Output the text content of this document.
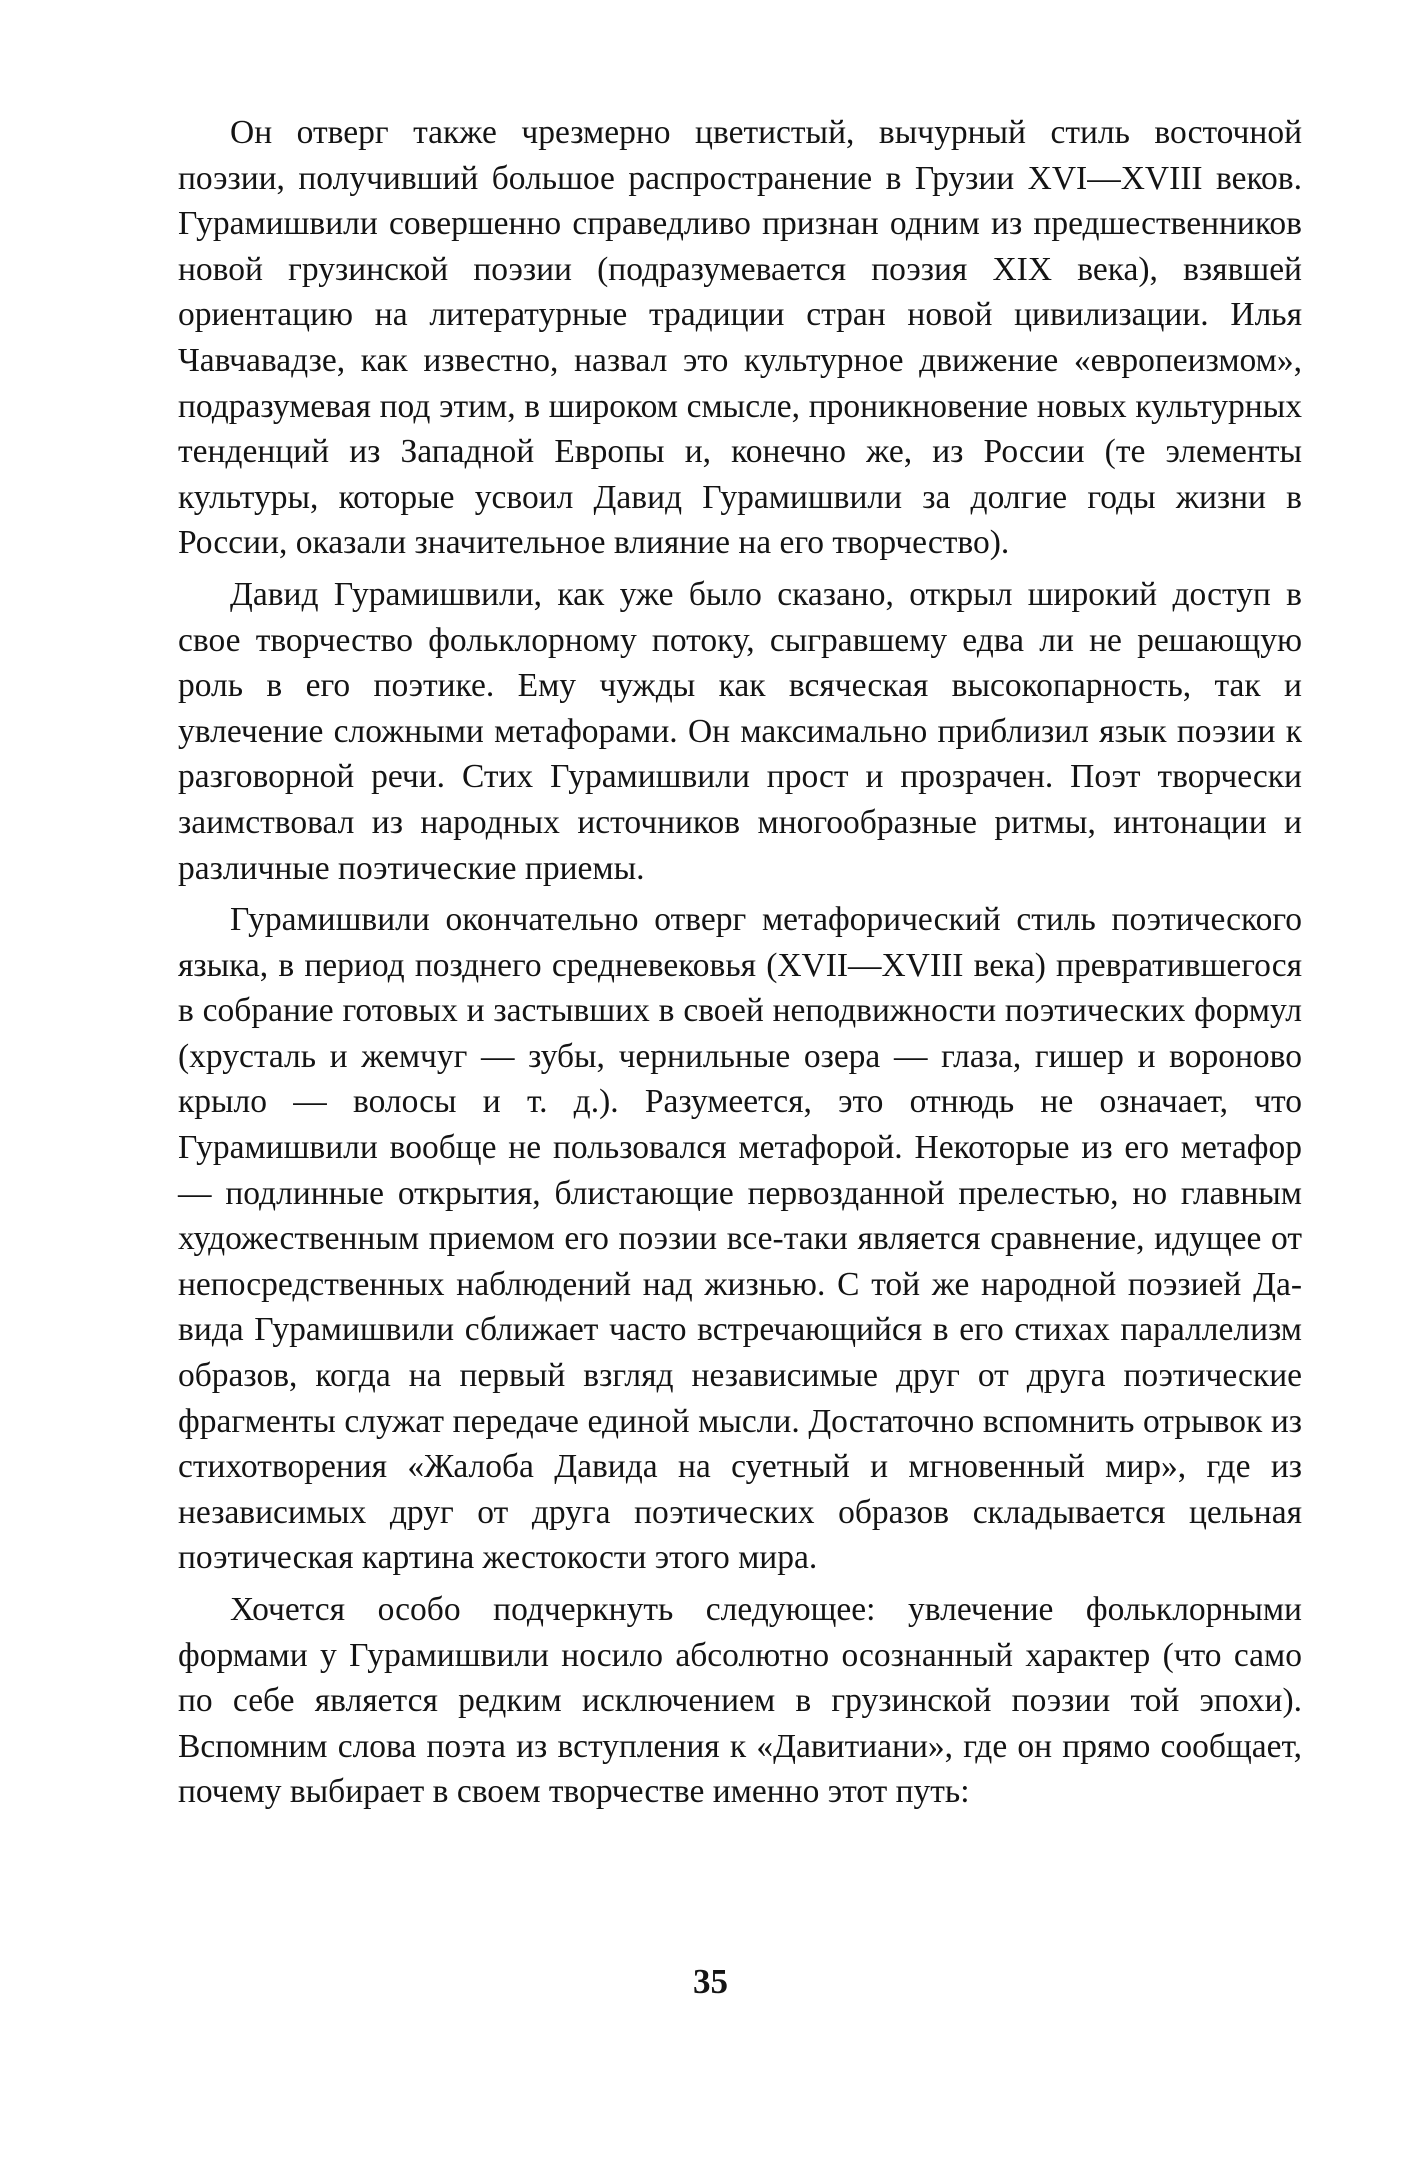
Он отверг также чрезмерно цветистый, вычурный стиль восточной поэзии, получивший большое распространение в Грузии XVI—XVIII веков. Гурамишвили совершенно справедливо признан одним из предшественников новой грузинской поэзии (подразумевается поэзия XIX века), взявшей ориентацию на литературные традиции стран новой цивилизации. Илья Чавчавадзе, как известно, назвал это культурное движение «европеизмом», подразумевая под этим, в широком смысле, проникновение новых культурных тенденций из Западной Европы и, конечно же, из России (те элементы культуры, которые усвоил Давид Гурамишвили за долгие годы жизни в России, оказали значительное влияние на его творчество).

Давид Гурамишвили, как уже было сказано, открыл широкий доступ в свое творчество фольклорному потоку, сыгравшему едва ли не решающую роль в его поэтике. Ему чужды как всяческая высокопарность, так и увлечение сложными метафорами. Он максимально приблизил язык поэзии к разговорной речи. Стих Гурамишвили прост и прозрачен. Поэт творчески заимствовал из народных источников многообразные ритмы, интонации и различные поэтические приемы.

Гурамишвили окончательно отверг метафорический стиль поэтического языка, в период позднего средневековья (XVII—XVIII века) превратившегося в собрание готовых и застывших в своей неподвижности поэтических формул (хрусталь и жемчуг — зубы, чернильные озера — глаза, гишер и вороново крыло — волосы и т. д.). Разумеется, это отнюдь не означает, что Гурамишвили вообще не пользовался метафорой. Некоторые из его метафор — подлинные открытия, блистающие первозданной прелестью, но главным художественным приемом его поэзии все-таки является сравнение, идущее от непосредственных наблюдений над жизнью. С той же народной поэзией Давида Гурамишвили сближает часто встречающийся в его стихах параллелизм образов, когда на первый взгляд независимые друг от друга поэтические фрагменты служат передаче единой мысли. Достаточно вспомнить отрывок из стихотворения «Жалоба Давида на суетный и мгновенный мир», где из независимых друг от друга поэтических образов складывается цельная поэтическая картина жестокости этого мира.

Хочется особо подчеркнуть следующее: увлечение фольклорными формами у Гурамишвили носило абсолютно осознанный характер (что само по себе является редким исключением в грузинской поэзии той эпохи). Вспомним слова поэта из вступления к «Давитиани», где он прямо сообщает, почему выбирает в своем творчестве именно этот путь:

35
